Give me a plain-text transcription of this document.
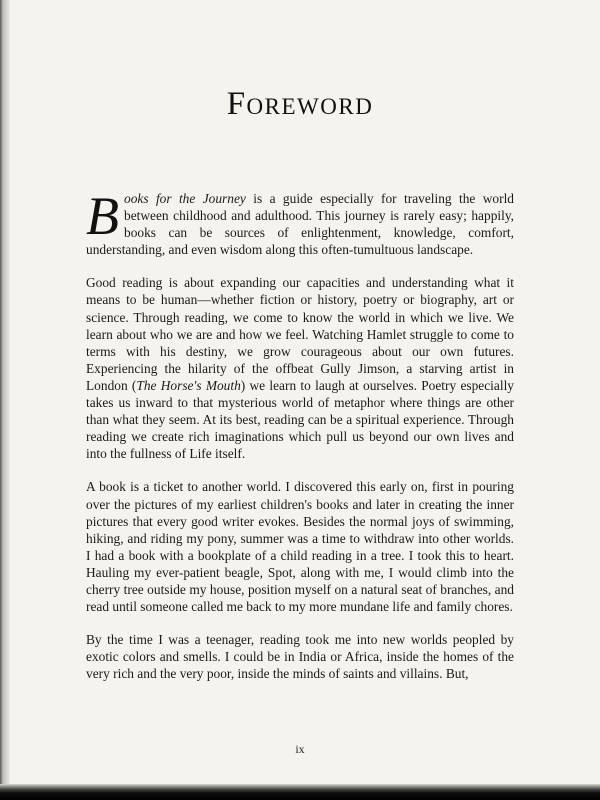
Foreword

Books for the Journey is a guide especially for traveling the world between childhood and adulthood. This journey is rarely easy; happily, books can be sources of enlightenment, knowledge, comfort, understanding, and even wisdom along this often-tumultuous landscape.

Good reading is about expanding our capacities and understanding what it means to be human—whether fiction or history, poetry or biography, art or science. Through reading, we come to know the world in which we live. We learn about who we are and how we feel. Watching Hamlet struggle to come to terms with his destiny, we grow courageous about our own futures. Experiencing the hilarity of the offbeat Gully Jimson, a starving artist in London (The Horse's Mouth) we learn to laugh at ourselves. Poetry especially takes us inward to that mysterious world of metaphor where things are other than what they seem. At its best, reading can be a spiritual experience. Through reading we create rich imaginations which pull us beyond our own lives and into the fullness of Life itself.

A book is a ticket to another world. I discovered this early on, first in pouring over the pictures of my earliest children's books and later in creating the inner pictures that every good writer evokes. Besides the normal joys of swimming, hiking, and riding my pony, summer was a time to withdraw into other worlds. I had a book with a bookplate of a child reading in a tree. I took this to heart. Hauling my ever-patient beagle, Spot, along with me, I would climb into the cherry tree outside my house, position myself on a natural seat of branches, and read until someone called me back to my more mundane life and family chores.

By the time I was a teenager, reading took me into new worlds peopled by exotic colors and smells. I could be in India or Africa, inside the homes of the very rich and the very poor, inside the minds of saints and villains. But,

ix
